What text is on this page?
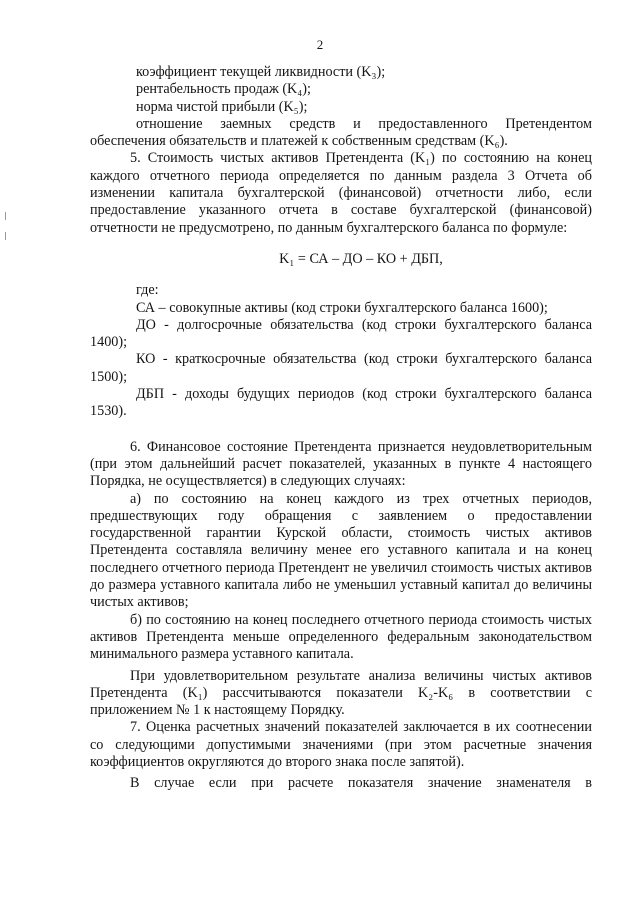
2

коэффициент текущей ликвидности (K₃);

рентабельность продаж (K₄);

норма чистой прибыли (K₅);

отношение заемных средств и предоставленного Претендентом обеспечения обязательств и платежей к собственным средствам (K₆).

5. Стоимость чистых активов Претендента (K₁) по состоянию на конец каждого отчетного периода определяется по данным раздела 3 Отчета об изменении капитала бухгалтерской (финансовой) отчетности либо, если предоставление указанного отчета в составе бухгалтерской (финансовой) отчетности не предусмотрено, по данным бухгалтерского баланса по формуле:

K₁ = СА – ДО – КО + ДБП,

где:

СА – совокупные активы (код строки бухгалтерского баланса 1600);

ДО - долгосрочные обязательства (код строки бухгалтерского баланса 1400);

КО - краткосрочные обязательства (код строки бухгалтерского баланса 1500);

ДБП - доходы будущих периодов (код строки бухгалтерского баланса 1530).

6. Финансовое состояние Претендента признается неудовлетворительным (при этом дальнейший расчет показателей, указанных в пункте 4 настоящего Порядка, не осуществляется) в следующих случаях:

а) по состоянию на конец каждого из трех отчетных периодов, предшествующих году обращения с заявлением о предоставлении государственной гарантии Курской области, стоимость чистых активов Претендента составляла величину менее его уставного капитала и на конец последнего отчетного периода Претендент не увеличил стоимость чистых активов до размера уставного капитала либо не уменьшил уставный капитал до величины чистых активов;

б) по состоянию на конец последнего отчетного периода стоимость чистых активов Претендента меньше определенного федеральным законодательством минимального размера уставного капитала.

При удовлетворительном результате анализа величины чистых активов Претендента (K₁) рассчитываются показатели K₂-K₆ в соответствии с приложением № 1 к настоящему Порядку.

7. Оценка расчетных значений показателей заключается в их соотнесении со следующими допустимыми значениями (при этом расчетные значения коэффициентов округляются до второго знака после запятой).

В случае если при расчете показателя значение знаменателя в
